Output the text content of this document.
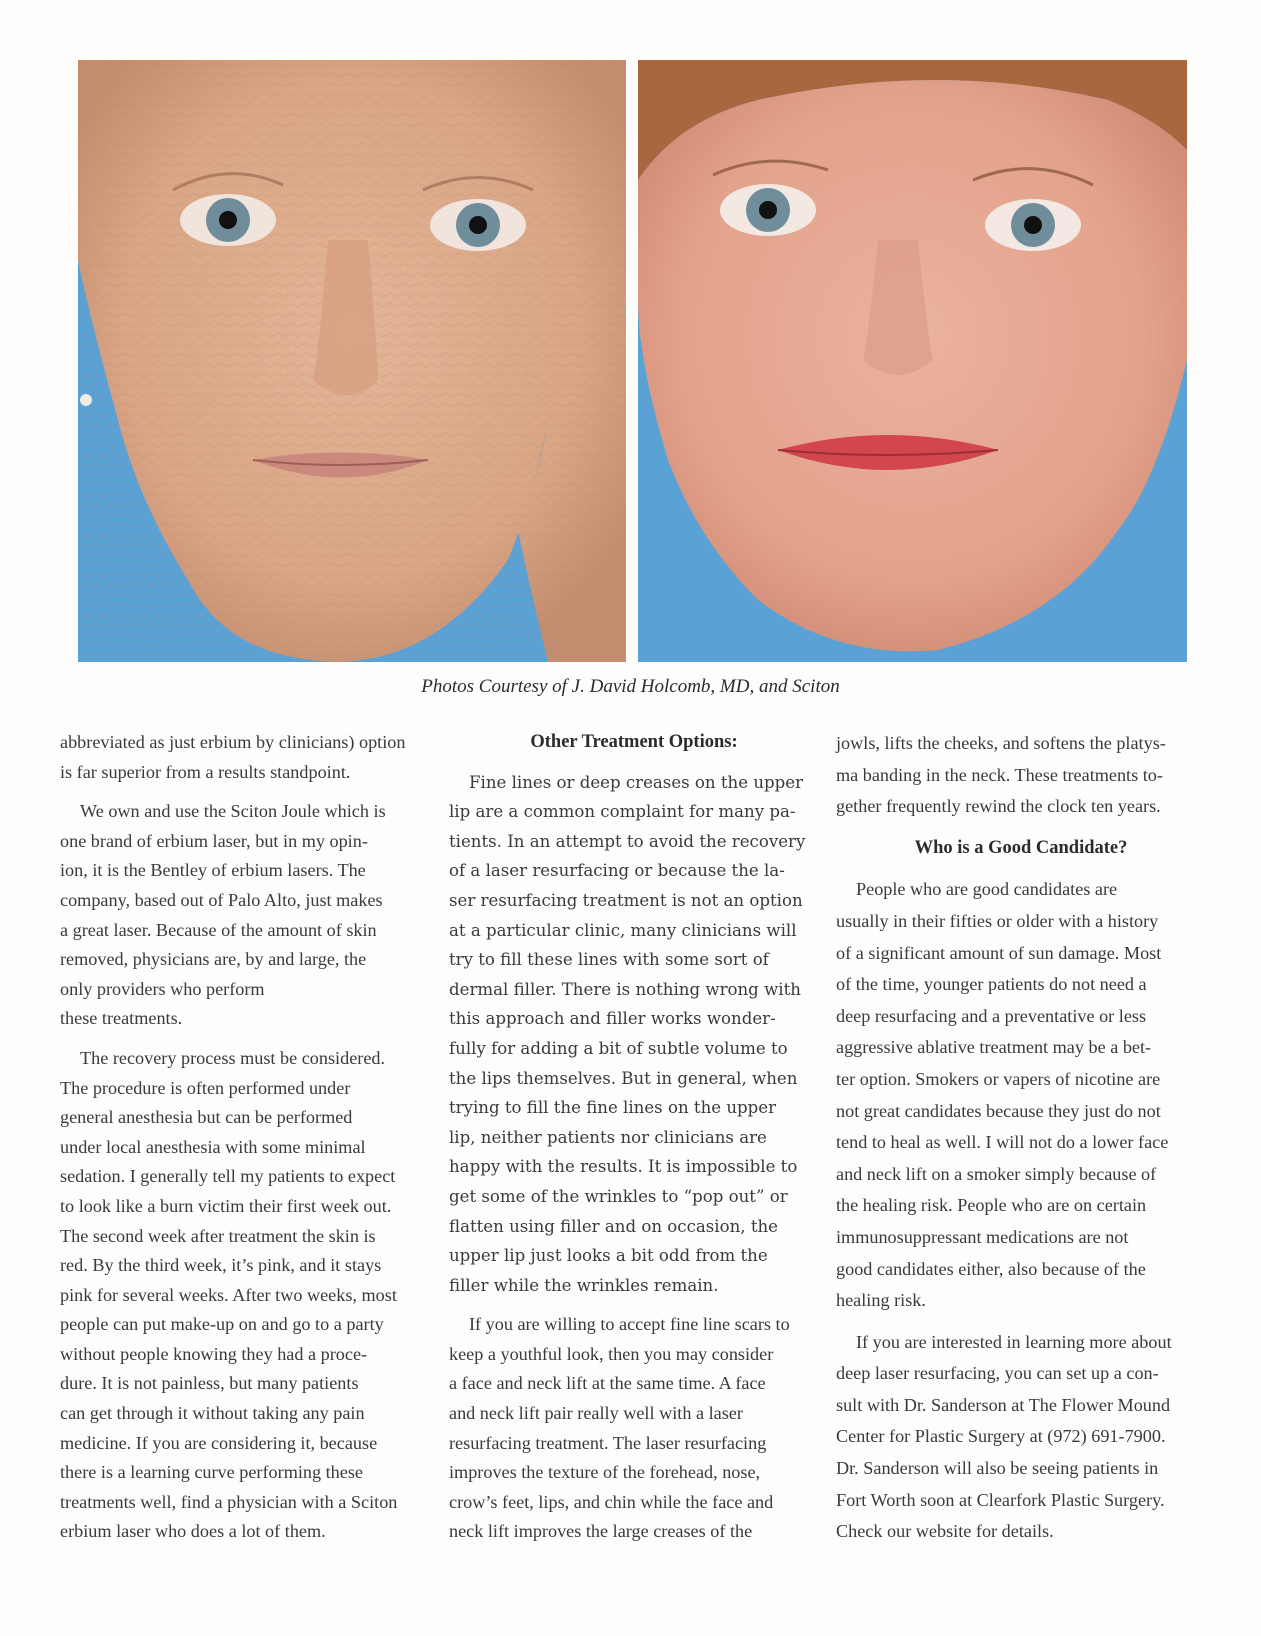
Photos Courtesy of J. David Holcomb, MD, and Sciton

abbreviated as just erbium by clinicians) option
is far superior from a results standpoint.

We own and use the Sciton Joule which is
one brand of erbium laser, but in my opin-
ion, it is the Bentley of erbium lasers. The
company, based out of Palo Alto, just makes
a great laser. Because of the amount of skin
removed, physicians are, by and large, the
only providers who perform
these treatments.

The recovery process must be considered.
The procedure is often performed under
general anesthesia but can be performed
under local anesthesia with some minimal
sedation. I generally tell my patients to expect
to look like a burn victim their first week out.
The second week after treatment the skin is
red. By the third week, it’s pink, and it stays
pink for several weeks. After two weeks, most
people can put make-up on and go to a party
without people knowing they had a proce-
dure. It is not painless, but many patients
can get through it without taking any pain
medicine. If you are considering it, because
there is a learning curve performing these
treatments well, find a physician with a Sciton
erbium laser who does a lot of them.

Other Treatment Options:

Fine lines or deep creases on the upper
lip are a common complaint for many pa-
tients. In an attempt to avoid the recovery
of a laser resurfacing or because the la-
ser resurfacing treatment is not an option
at a particular clinic, many clinicians will
try to fill these lines with some sort of
dermal filler. There is nothing wrong with
this approach and filler works wonder-
fully for adding a bit of subtle volume to
the lips themselves. But in general, when
trying to fill the fine lines on the upper
lip, neither patients nor clinicians are
happy with the results. It is impossible to
get some of the wrinkles to “pop out” or
flatten using filler and on occasion, the
upper lip just looks a bit odd from the
filler while the wrinkles remain.

If you are willing to accept fine line scars to
keep a youthful look, then you may consider
a face and neck lift at the same time. A face
and neck lift pair really well with a laser
resurfacing treatment. The laser resurfacing
improves the texture of the forehead, nose,
crow’s feet, lips, and chin while the face and
neck lift improves the large creases of the

jowls, lifts the cheeks, and softens the platys-
ma banding in the neck. These treatments to-
gether frequently rewind the clock ten years.

Who is a Good Candidate?

People who are good candidates are
usually in their fifties or older with a history
of a significant amount of sun damage. Most
of the time, younger patients do not need a
deep resurfacing and a preventative or less
aggressive ablative treatment may be a bet-
ter option. Smokers or vapers of nicotine are
not great candidates because they just do not
tend to heal as well. I will not do a lower face
and neck lift on a smoker simply because of
the healing risk. People who are on certain
immunosuppressant medications are not
good candidates either, also because of the
healing risk.

If you are interested in learning more about
deep laser resurfacing, you can set up a con-
sult with Dr. Sanderson at The Flower Mound
Center for Plastic Surgery at (972) 691-7900.
Dr. Sanderson will also be seeing patients in
Fort Worth soon at Clearfork Plastic Surgery.
Check our website for details.
